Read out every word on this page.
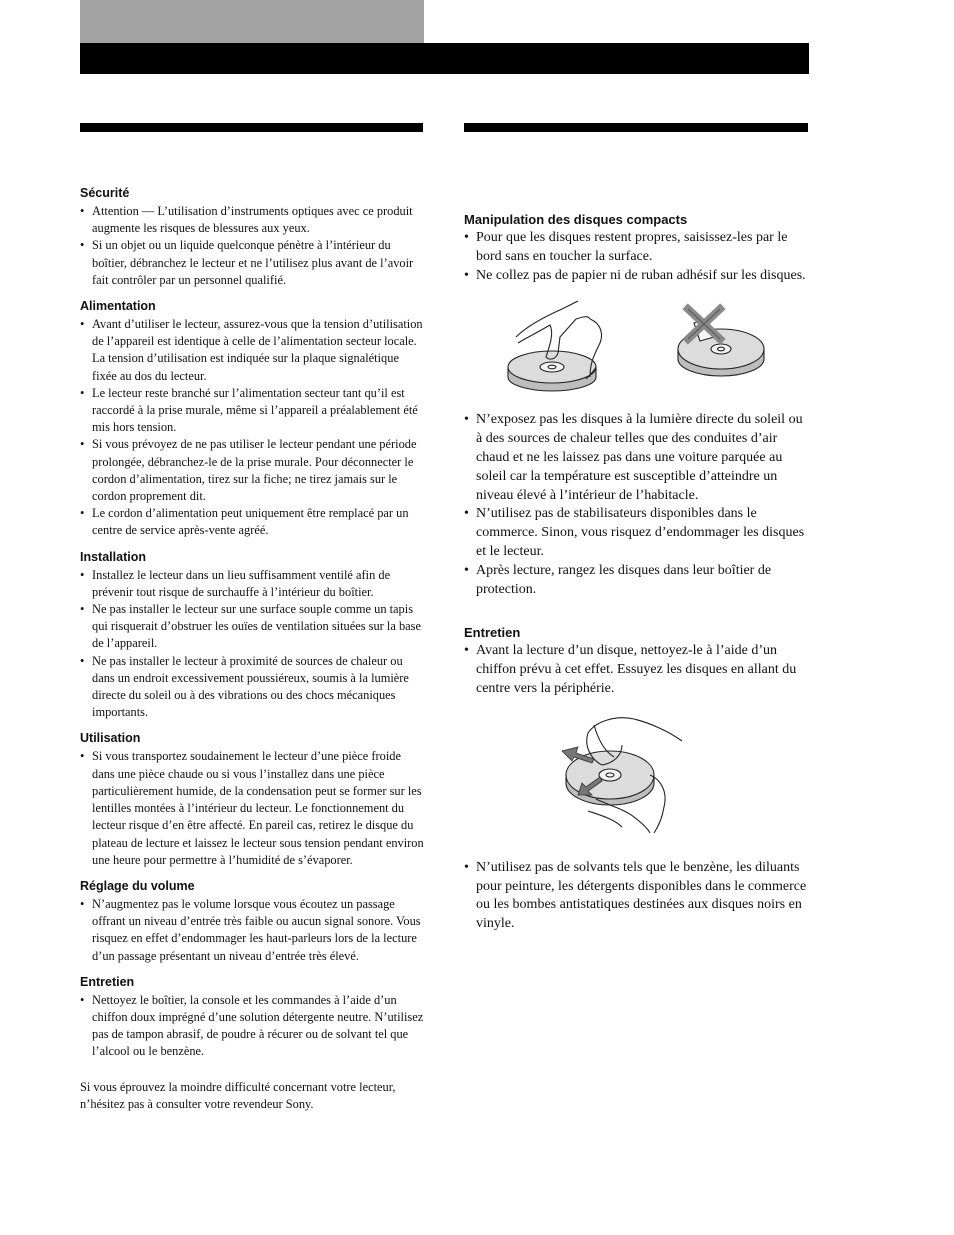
Sécurité
• Attention — L’utilisation d’instruments optiques avec ce produit augmente les risques de blessures aux yeux.
• Si un objet ou un liquide quelconque pénètre à l’intérieur du boîtier, débranchez le lecteur et ne l’utilisez plus avant de l’avoir fait contrôler par un personnel qualifié.
Alimentation
• Avant d’utiliser le lecteur, assurez-vous que la tension d’utilisation de l’appareil est identique à celle de l’alimentation secteur locale. La tension d’utilisation est indiquée sur la plaque signalétique fixée au dos du lecteur.
• Le lecteur reste branché sur l’alimentation secteur tant qu’il est raccordé à la prise murale, même si l’appareil a préalablement été mis hors tension.
• Si vous prévoyez de ne pas utiliser le lecteur pendant une période prolongée, débranchez-le de la prise murale. Pour déconnecter le cordon d’alimentation, tirez sur la fiche; ne tirez jamais sur le cordon proprement dit.
• Le cordon d’alimentation peut uniquement être remplacé par un centre de service après-vente agréé.
Installation
• Installez le lecteur dans un lieu suffisamment ventilé afin de prévenir tout risque de surchauffe à l’intérieur du boîtier.
• Ne pas installer le lecteur sur une surface souple comme un tapis qui risquerait d’obstruer les ouïes de ventilation situées sur la base de l’appareil.
• Ne pas installer le lecteur à proximité de sources de chaleur ou dans un endroit excessivement poussiéreux, soumis à la lumière directe du soleil ou à des vibrations ou des chocs mécaniques importants.
Utilisation
• Si vous transportez soudainement le lecteur d’une pièce froide dans une pièce chaude ou si vous l’installez dans une pièce particulièrement humide, de la condensation peut se former sur les lentilles montées à l’intérieur du lecteur. Le fonctionnement du lecteur risque d’en être affecté. En pareil cas, retirez le disque du plateau de lecture et laissez le lecteur sous tension pendant environ une heure pour permettre à l’humidité de s’évaporer.
Réglage du volume
• N’augmentez pas le volume lorsque vous écoutez un passage offrant un niveau d’entrée très faible ou aucun signal sonore. Vous risquez en effet d’endommager les haut-parleurs lors de la lecture d’un passage présentant un niveau d’entrée très élevé.
Entretien
• Nettoyez le boîtier, la console et les commandes à l’aide d’un chiffon doux imprégné d’une solution détergente neutre. N’utilisez pas de tampon abrasif, de poudre à récurer ou de solvant tel que l’alcool ou le benzène.
Si vous éprouvez la moindre difficulté concernant votre lecteur, n’hésitez pas à consulter votre revendeur Sony.
Manipulation des disques compacts
• Pour que les disques restent propres, saisissez-les par le bord sans en toucher la surface.
• Ne collez pas de papier ni de ruban adhésif sur les disques.
• N’exposez pas les disques à la lumière directe du soleil ou à des sources de chaleur telles que des conduites d’air chaud et ne les laissez pas dans une voiture parquée au soleil car la température est susceptible d’atteindre un niveau élevé à l’intérieur de l’habitacle.
• N’utilisez pas de stabilisateurs disponibles dans le commerce. Sinon, vous risquez d’endommager les disques et le lecteur.
• Après lecture, rangez les disques dans leur boîtier de protection.
Entretien
• Avant la lecture d’un disque, nettoyez-le à l’aide d’un chiffon prévu à cet effet. Essuyez les disques en allant du centre vers la périphérie.
• N’utilisez pas de solvants tels que le benzène, les diluants pour peinture, les détergents disponibles dans le commerce ou les bombes antistatiques destinées aux disques noirs en vinyle.
